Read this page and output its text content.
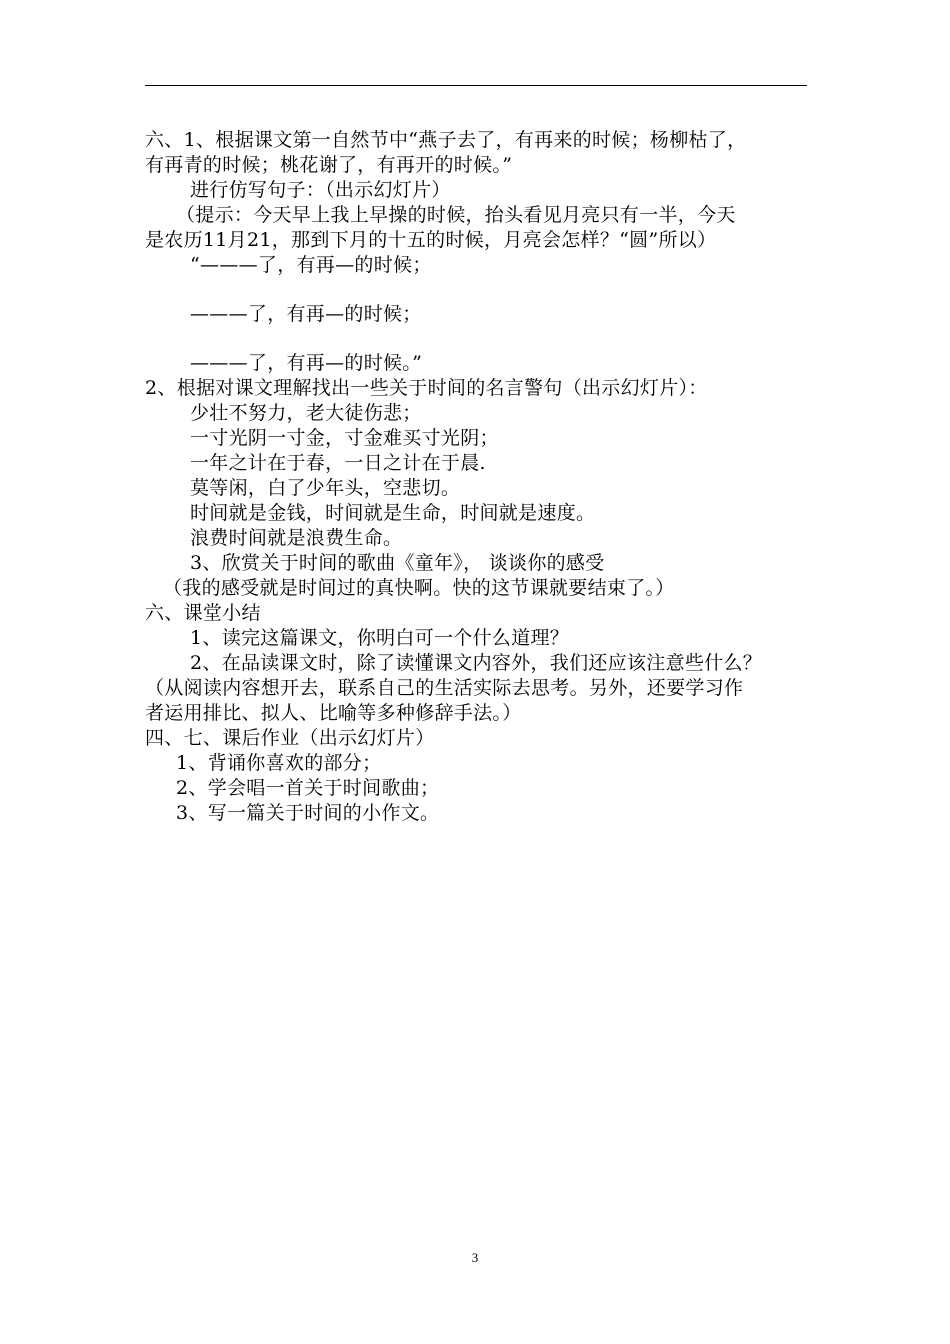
六、1、根据课文第一自然节中“燕子去了，有再来的时候；杨柳枯了，
有再青的时候；桃花谢了，有再开的时候。”
进行仿写句子：（出示幻灯片）
（提示：今天早上我上早操的时候，抬头看见月亮只有一半，今天
是农历11月21，那到下月的十五的时候，月亮会怎样？“圆”所以）
“———了，有再—的时候；
———了，有再—的时候；
———了，有再—的时候。”
2、根据对课文理解找出一些关于时间的名言警句（出示幻灯片）：
少壮不努力，老大徒伤悲；
一寸光阴一寸金，寸金难买寸光阴；
一年之计在于春，一日之计在于晨.
莫等闲，白了少年头，空悲切。
时间就是金钱，时间就是生命，时间就是速度。
浪费时间就是浪费生命。
3、欣赏关于时间的歌曲《童年》， 谈谈你的感受
（我的感受就是时间过的真快啊。快的这节课就要结束了。）
六、课堂小结
1、读完这篇课文，你明白可一个什么道理？
2、在品读课文时，除了读懂课文内容外，我们还应该注意些什么？
（从阅读内容想开去，联系自己的生活实际去思考。另外，还要学习作
者运用排比、拟人、比喻等多种修辞手法。）
四、七、课后作业（出示幻灯片）
1、背诵你喜欢的部分；
2、学会唱一首关于时间歌曲；
3、写一篇关于时间的小作文。
3
